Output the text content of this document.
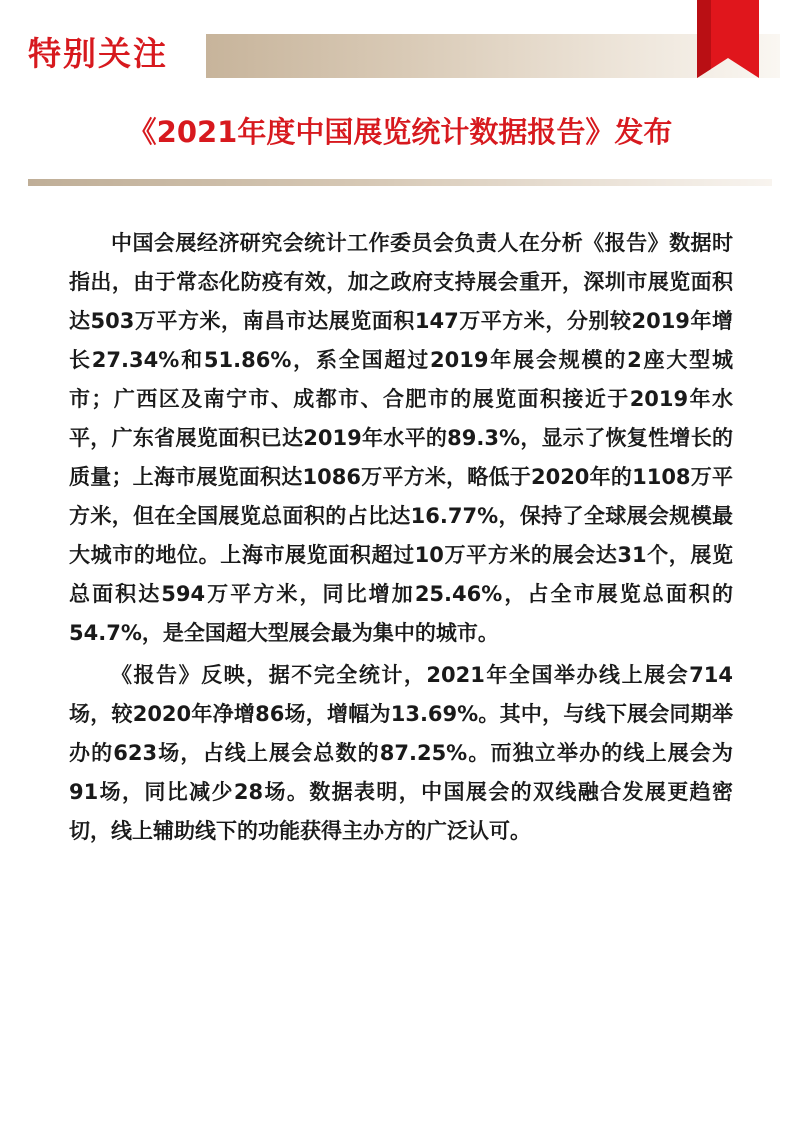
特别关注
《2021年度中国展览统计数据报告》发布

中国会展经济研究会统计工作委员会负责人在分析《报告》数据时指出，由于常态化防疫有效，加之政府支持展会重开，深圳市展览面积达503万平方米，南昌市达展览面积147万平方米，分别较2019年增长27.34%和51.86%，系全国超过2019年展会规模的2座大型城市；广西区及南宁市、成都市、合肥市的展览面积接近于2019年水平，广东省展览面积已达2019年水平的89.3%，显示了恢复性增长的质量；上海市展览面积达1086万平方米，略低于2020年的1108万平方米，但在全国展览总面积的占比达16.77%，保持了全球展会规模最大城市的地位。上海市展览面积超过10万平方米的展会达31个，展览总面积达594万平方米，同比增加25.46%，占全市展览总面积的54.7%，是全国超大型展会最为集中的城市。

《报告》反映，据不完全统计，2021年全国举办线上展会714场，较2020年净增86场，增幅为13.69%。其中，与线下展会同期举办的623场，占线上展会总数的87.25%。而独立举办的线上展会为91场，同比减少28场。数据表明，中国展会的双线融合发展更趋密切，线上辅助线下的功能获得主办方的广泛认可。
